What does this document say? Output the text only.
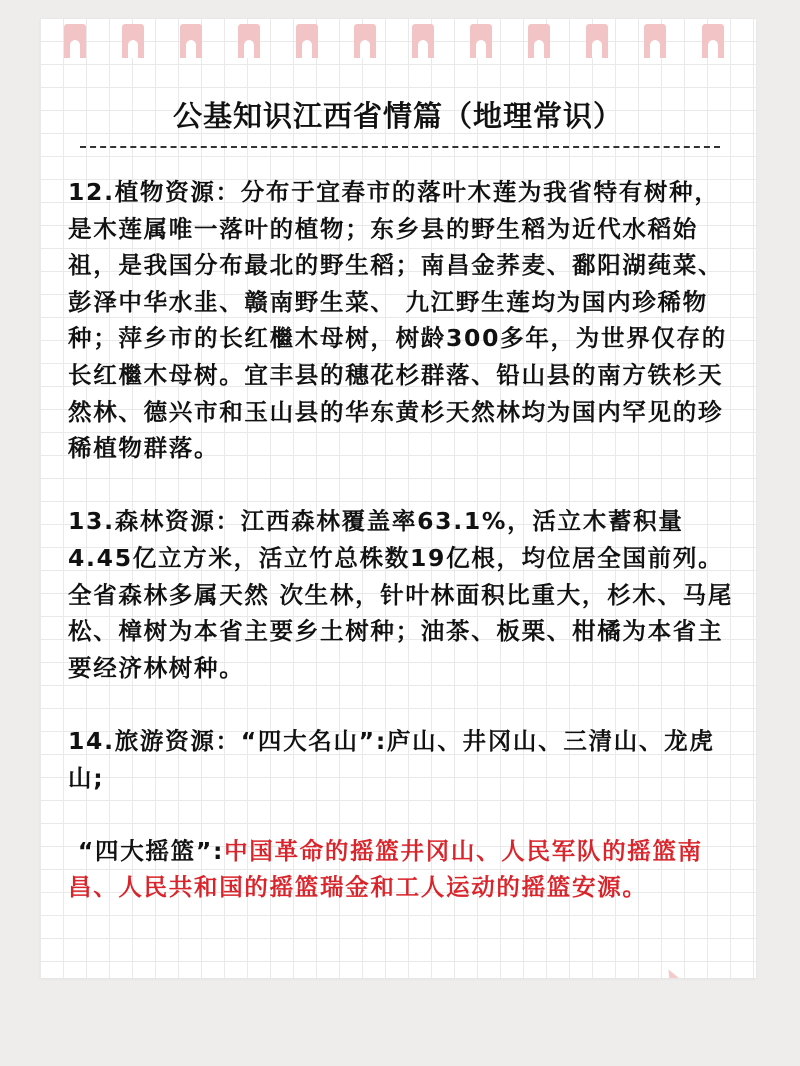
公基知识江西省情篇（地理常识）

12.植物资源：分布于宜春市的落叶木莲为我省特有树种，是木莲属唯一落叶的植物；东乡县的野生稻为近代水稻始祖，是我国分布最北的野生稻；南昌金荞麦、鄱阳湖莼菜、彭泽中华水韭、赣南野生菜、 九江野生莲均为国内珍稀物种；萍乡市的长红檵木母树，树龄300多年，为世界仅存的长红檵木母树。宜丰县的穗花杉群落、铅山县的南方铁杉天然林、德兴市和玉山县的华东黄杉天然林均为国内罕见的珍稀植物群落。

13.森林资源：江西森林覆盖率63.1%，活立木蓄积量4.45亿立方米，活立竹总株数19亿根，均位居全国前列。全省森林多属天然 次生林，针叶林面积比重大，杉木、马尾松、樟树为本省主要乡土树种；油茶、板栗、柑橘为本省主要经济林树种。

14.旅游资源：“四大名山”:庐山、井冈山、三清山、龙虎山;

“四大摇篮”:中国革命的摇篮井冈山、人民军队的摇篮南昌、人民共和国的摇篮瑞金和工人运动的摇篮安源。
